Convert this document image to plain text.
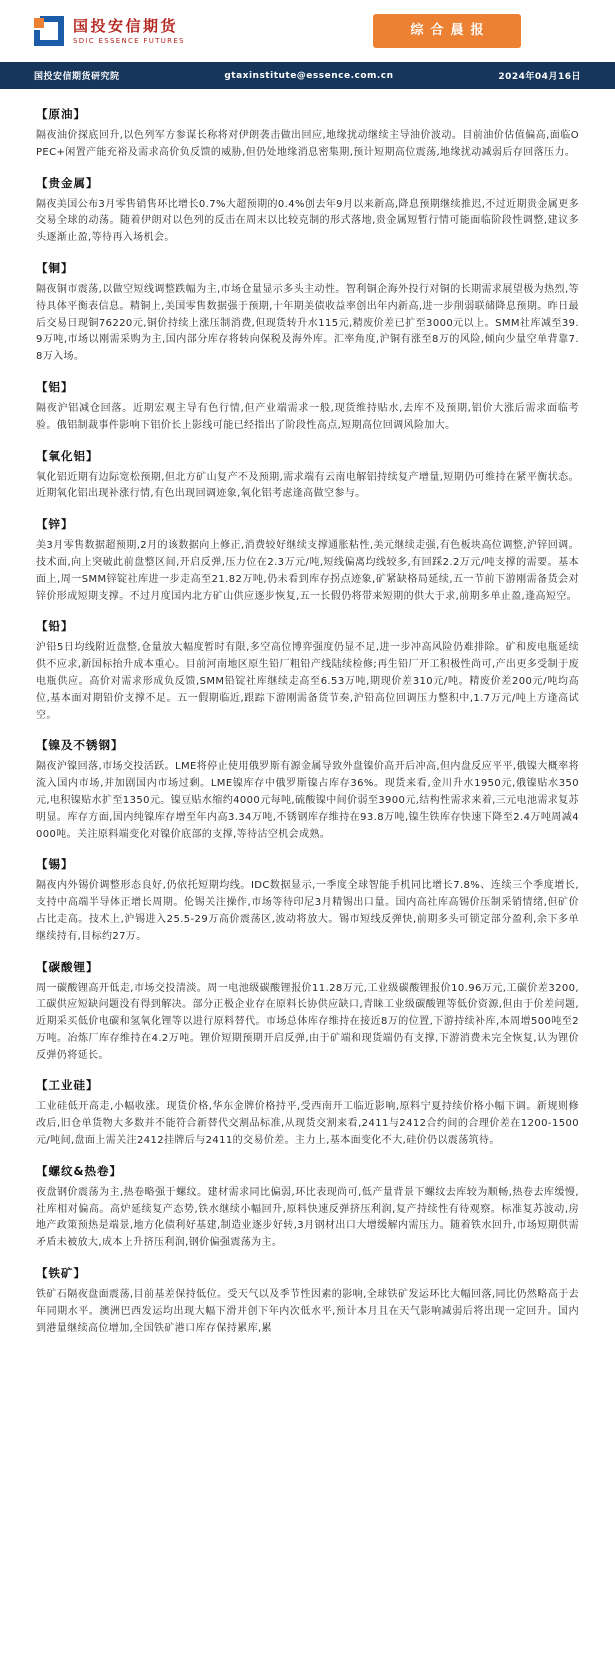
国投安信期货
SDIC ESSENCE FUTURES
综合晨报
国投安信期货研究院	gtaxinstitute@essence.com.cn	2024年04月16日
【原油】

隔夜油价探底回升,以色列军方参谋长称将对伊朗袭击做出回应,地缘扰动继续主导油价波动。目前油价估值偏高,面临OPEC+闲置产能充裕及需求高价负反馈的威胁,但仍处地缘消息密集期,预计短期高位震荡,地缘扰动减弱后存回落压力。

【贵金属】

隔夜美国公布3月零售销售环比增长0.7%大超预期的0.4%创去年9月以来新高,降息预期继续推迟,不过近期贵金属更多交易全球的动荡。随着伊朗对以色列的反击在周末以比较克制的形式落地,贵金属短暂行情可能面临阶段性调整,建议多头逐渐止盈,等待再入场机会。

【铜】

隔夜铜市震荡,以做空短线调整跌幅为主,市场仓量显示多头主动性。智利铜企海外投行对铜的长期需求展望极为热烈,等待具体平衡表信息。精铜上,美国零售数据强于预期,十年期美债收益率创出年内新高,进一步削弱联储降息预期。昨日最后交易日现铜76220元,铜价持续上涨压制消费,但现货转升水115元,精废价差已扩至3000元以上。SMM社库减至39.9万吨,市场以刚需采购为主,国内部分库存将转向保税及海外库。汇率角度,沪铜有涨至8万的风险,倾向少量空单背靠7.8万入场。

【铝】

隔夜沪铝减仓回落。近期宏观主导有色行情,但产业端需求一般,现货维持贴水,去库不及预期,铝价大涨后需求面临考验。俄铝制裁事件影响下铝价长上影线可能已经指出了阶段性高点,短期高位回调风险加大。

【氧化铝】

氧化铝近期有边际宽松预期,但北方矿山复产不及预期,需求端有云南电解铝持续复产增量,短期仍可维持在紧平衡状态。近期氧化铝出现补涨行情,有色出现回调迹象,氧化铝考虑逢高做空参与。

【锌】

美3月零售数据超预期,2月的该数据向上修正,消费较好继续支撑通胀粘性,美元继续走强,有色板块高位调整,沪锌回调。技术面,向上突破此前盘整区间,开启反弹,压力位在2.3万元/吨,短线偏离均线较多,有回踩2.2万元/吨支撑的需要。基本面上,周一SMM锌锭社库进一步走高至21.82万吨,仍未看到库存拐点迹象,矿紧缺格局延续,五一节前下游刚需备货会对锌价形成短期支撑。不过月度国内北方矿山供应逐步恢复,五一长假仍将带来短期的供大于求,前期多单止盈,逢高短空。

【铅】

沪铅5日均线附近盘整,仓量放大幅度暂时有限,多空高位博弈强度仍显不足,进一步冲高风险仍难排除。矿和废电瓶延续供不应求,新国标抬升成本重心。目前河南地区原生铅厂粗铅产线陆续检修;再生铅厂开工积极性尚可,产出更多受制于废电瓶供应。高价对需求形成负反馈,SMM铅锭社库继续走高至6.53万吨,期现价差310元/吨。精废价差200元/吨均高位,基本面对期铅价支撑不足。五一假期临近,跟踪下游刚需备货节奏,沪铅高位回调压力整积中,1.7万元/吨上方逢高试空。

【镍及不锈钢】

隔夜沪镍回落,市场交投活跃。LME将停止使用俄罗斯有源金属导致外盘镍价高开后冲高,但内盘反应平平,俄镍大概率将流入国内市场,并加剧国内市场过剩。LME镍库存中俄罗斯镍占库存36%。现货来看,金川升水1950元,俄镍贴水350元,电积镍贴水扩至1350元。镍豆贴水缩约4000元每吨,硫酸镍中间价弱至3900元,结构性需求来着,三元电池需求复苏明显。库存方面,国内纯镍库存增至年内高3.34万吨,不锈钢库存维持在93.8万吨,镍生铁库存快速下降至2.4万吨周减4000吨。关注原料端变化对镍价底部的支撑,等待沽空机会成熟。

【锡】

隔夜内外锡价调整形态良好,仍依托短期均线。IDC数据显示,一季度全球智能手机同比增长7.8%、连续三个季度增长,支持中高端半导体正增长周期。伦锡关注操作,市场等待印尼3月精锡出口量。国内高社库高锡价压制采销情绪,但矿价占比走高。技术上,沪锡进入25.5-29万高价震荡区,波动将放大。锡市短线反弹快,前期多头可锁定部分盈利,余下多单继续持有,目标约27万。

【碳酸锂】

周一碳酸锂高开低走,市场交投清淡。周一电池级碳酸锂报价11.28万元,工业级碳酸锂报价10.96万元,工碳价差3200,工碳供应短缺问题没有得到解决。部分正极企业存在原料长协供应缺口,青睐工业级碳酸锂等低价资源,但由于价差问题,近期采买低价电碳和氢氧化锂等以进行原料替代。市场总体库存维持在接近8万的位置,下游持续补库,本周增500吨至2万吨。冶炼厂库存维持在4.2万吨。锂价短期预期开启反弹,由于矿端和现货端仍有支撑,下游消费未完全恢复,认为锂价反弹仍将延长。

【工业硅】

工业硅低开高走,小幅收涨。现货价格,华东金牌价格持平,受西南开工临近影响,原料宁夏持续价格小幅下调。新规则修改后,旧仓单货物大多数并不能符合新替代交割品标准,从现货交割来看,2411与2412合约间的合理价差在1200-1500元/吨间,盘面上需关注2412挂牌后与2411的交易价差。主力上,基本面变化不大,硅价仍以震荡筑待。

【螺纹&热卷】

夜盘钢价震荡为主,热卷略强于螺纹。建材需求同比偏弱,环比表现尚可,低产量背景下螺纹去库较为顺畅,热卷去库缓慢,社库相对偏高。高炉延续复产态势,铁水继续小幅回升,原料快速反弹挤压利润,复产持续性有待观察。标准复苏波动,房地产政策预热是端景,地方化债利好基建,制造业逐步好转,3月钢材出口大增缓解内需压力。随着铁水回升,市场短期供需矛盾未被放大,成本上升挤压利润,钢价偏强震荡为主。

【铁矿】

铁矿石隔夜盘面震荡,目前基差保持低位。受天气以及季节性因素的影响,全球铁矿发运环比大幅回落,同比仍然略高于去年同期水平。澳洲巴西发运均出现大幅下滑并创下年内次低水平,预计本月且在天气影响减弱后将出现一定回升。国内到港量继续高位增加,全国铁矿港口库存保持累库,累
